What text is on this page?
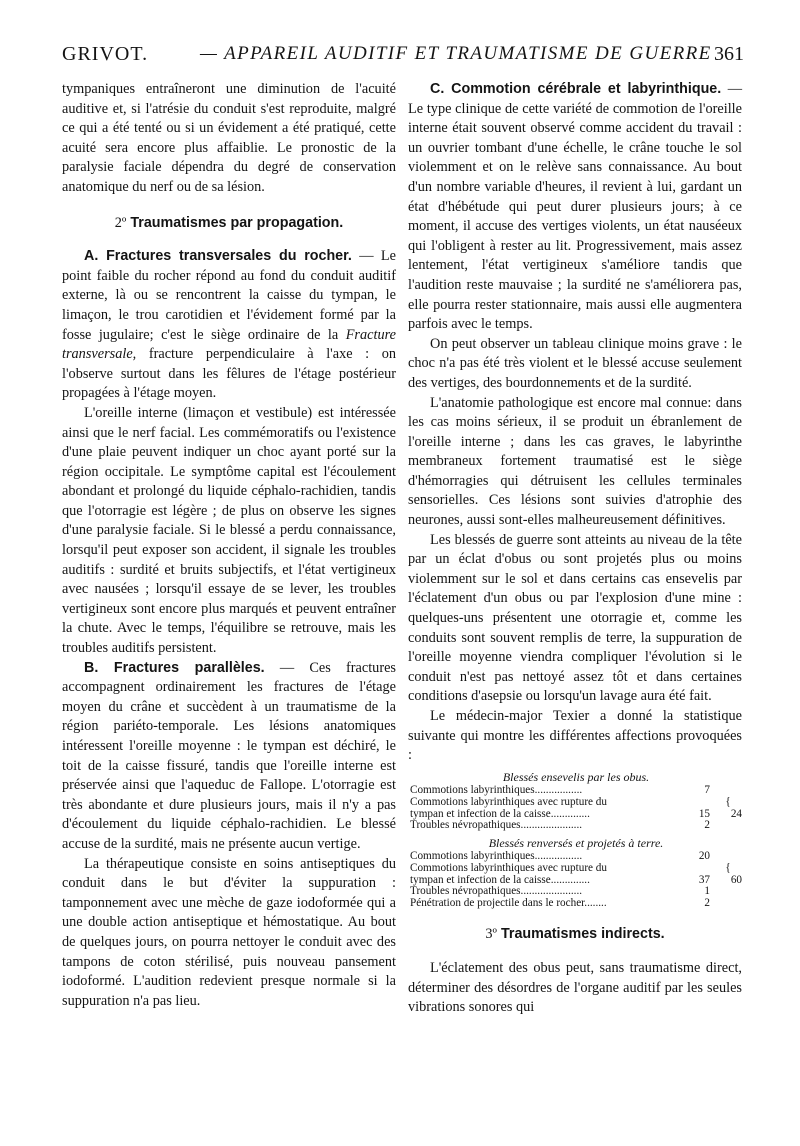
GRIVOT.	— APPAREIL AUDITIF ET TRAUMATISME DE GUERRE 361

tympaniques entraîneront une diminution de l'acuité auditive et, si l'atrésie du conduit s'est reproduite, malgré ce qui a été tenté ou si un évidement a été pratiqué, cette acuité sera encore plus affaiblie. Le pronostic de la paralysie faciale dépendra du degré de conservation anatomique du nerf ou de sa lésion.

2º Traumatismes par propagation.

A. Fractures transversales du rocher. — Le point faible du rocher répond au fond du conduit auditif externe, là ou se rencontrent la caisse du tympan, le limaçon, le trou carotidien et l'évidement formé par la fosse jugulaire; c'est le siège ordinaire de la Fracture transversale, fracture perpendiculaire à l'axe : on l'observe surtout dans les fêlures de l'étage postérieur propagées à l'étage moyen.

L'oreille interne (limaçon et vestibule) est intéressée ainsi que le nerf facial. Les commémoratifs ou l'existence d'une plaie peuvent indiquer un choc ayant porté sur la région occipitale. Le symptôme capital est l'écoulement abondant et prolongé du liquide céphalo-rachidien, tandis que l'otorragie est légère ; de plus on observe les signes d'une paralysie faciale. Si le blessé a perdu connaissance, lorsqu'il peut exposer son accident, il signale les troubles auditifs : surdité et bruits subjectifs, et l'état vertigineux avec nausées ; lorsqu'il essaye de se lever, les troubles vertigineux sont encore plus marqués et peuvent entraîner la chute. Avec le temps, l'équilibre se retrouve, mais les troubles auditifs persistent.

B. Fractures parallèles. — Ces fractures accompagnent ordinairement les fractures de l'étage moyen du crâne et succèdent à un traumatisme de la région pariéto-temporale. Les lésions anatomiques intéressent l'oreille moyenne : le tympan est déchiré, le toit de la caisse fissuré, tandis que l'oreille interne est préservée ainsi que l'aqueduc de Fallope. L'otorragie est très abondante et dure plusieurs jours, mais il n'y a pas d'écoulement du liquide céphalo-rachidien. Le blessé accuse de la surdité, mais ne présente aucun vertige.

La thérapeutique consiste en soins antiseptiques du conduit dans le but d'éviter la suppuration : tamponnement avec une mèche de gaze iodoformée qui a une double action antiseptique et hémostatique. Au bout de quelques jours, on pourra nettoyer le conduit avec des tampons de coton stérilisé, puis nouveau pansement iodoformé. L'audition redevient presque normale si la suppuration n'a pas lieu.

C. Commotion cérébrale et labyrinthique. — Le type clinique de cette variété de commotion de l'oreille interne était souvent observé comme accident du travail : un ouvrier tombant d'une échelle, le crâne touche le sol violemment et on le relève sans connaissance. Au bout d'un nombre variable d'heures, il revient à lui, gardant un état d'hébétude qui peut durer plusieurs jours; à ce moment, il accuse des vertiges violents, un état nauséeux qui l'obligent à rester au lit. Progressivement, mais assez lentement, l'état vertigineux s'améliore tandis que l'audition reste mauvaise ; la surdité ne s'améliorera pas, elle pourra rester stationnaire, mais aussi elle augmentera parfois avec le temps.

On peut observer un tableau clinique moins grave : le choc n'a pas été très violent et le blessé accuse seulement des vertiges, des bourdonnements et de la surdité.

L'anatomie pathologique est encore mal connue: dans les cas moins sérieux, il se produit un ébranlement de l'oreille interne ; dans les cas graves, le labyrinthe membraneux fortement traumatisé est le siège d'hémorragies qui détruisent les cellules terminales sensorielles. Ces lésions sont suivies d'atrophie des neurones, aussi sont-elles malheureusement définitives.

Les blessés de guerre sont atteints au niveau de la tête par un éclat d'obus ou sont projetés plus ou moins violemment sur le sol et dans certains cas ensevelis par l'éclatement d'un obus ou par l'explosion d'une mine : quelques-uns présentent une otorragie et, comme les conduits sont souvent remplis de terre, la suppuration de l'oreille moyenne viendra compliquer l'évolution si le conduit n'est pas nettoyé assez tôt et dans certaines conditions d'asepsie ou lorsqu'un lavage aura été fait.

Le médecin-major Texier a donné la statistique suivante qui montre les différentes affections provoquées :

Blessés ensevelis par les obus.
Commotions labyrinthiques.................	7
Commotions labyrinthiques avec rupture du	{
tympan et infection de la caisse..............	15	24
Troubles névropathiques......................	2
Blessés renversés et projetés à terre.
Commotions labyrinthiques.................	20
Commotions labyrinthiques avec rupture du	{
tympan et infection de la caisse..............	37	60
Troubles névropathiques......................	1
Pénétration de projectile dans le rocher........	2
3º Traumatismes indirects.

L'éclatement des obus peut, sans traumatisme direct, déterminer des désordres de l'organe auditif par les seules vibrations sonores qui
